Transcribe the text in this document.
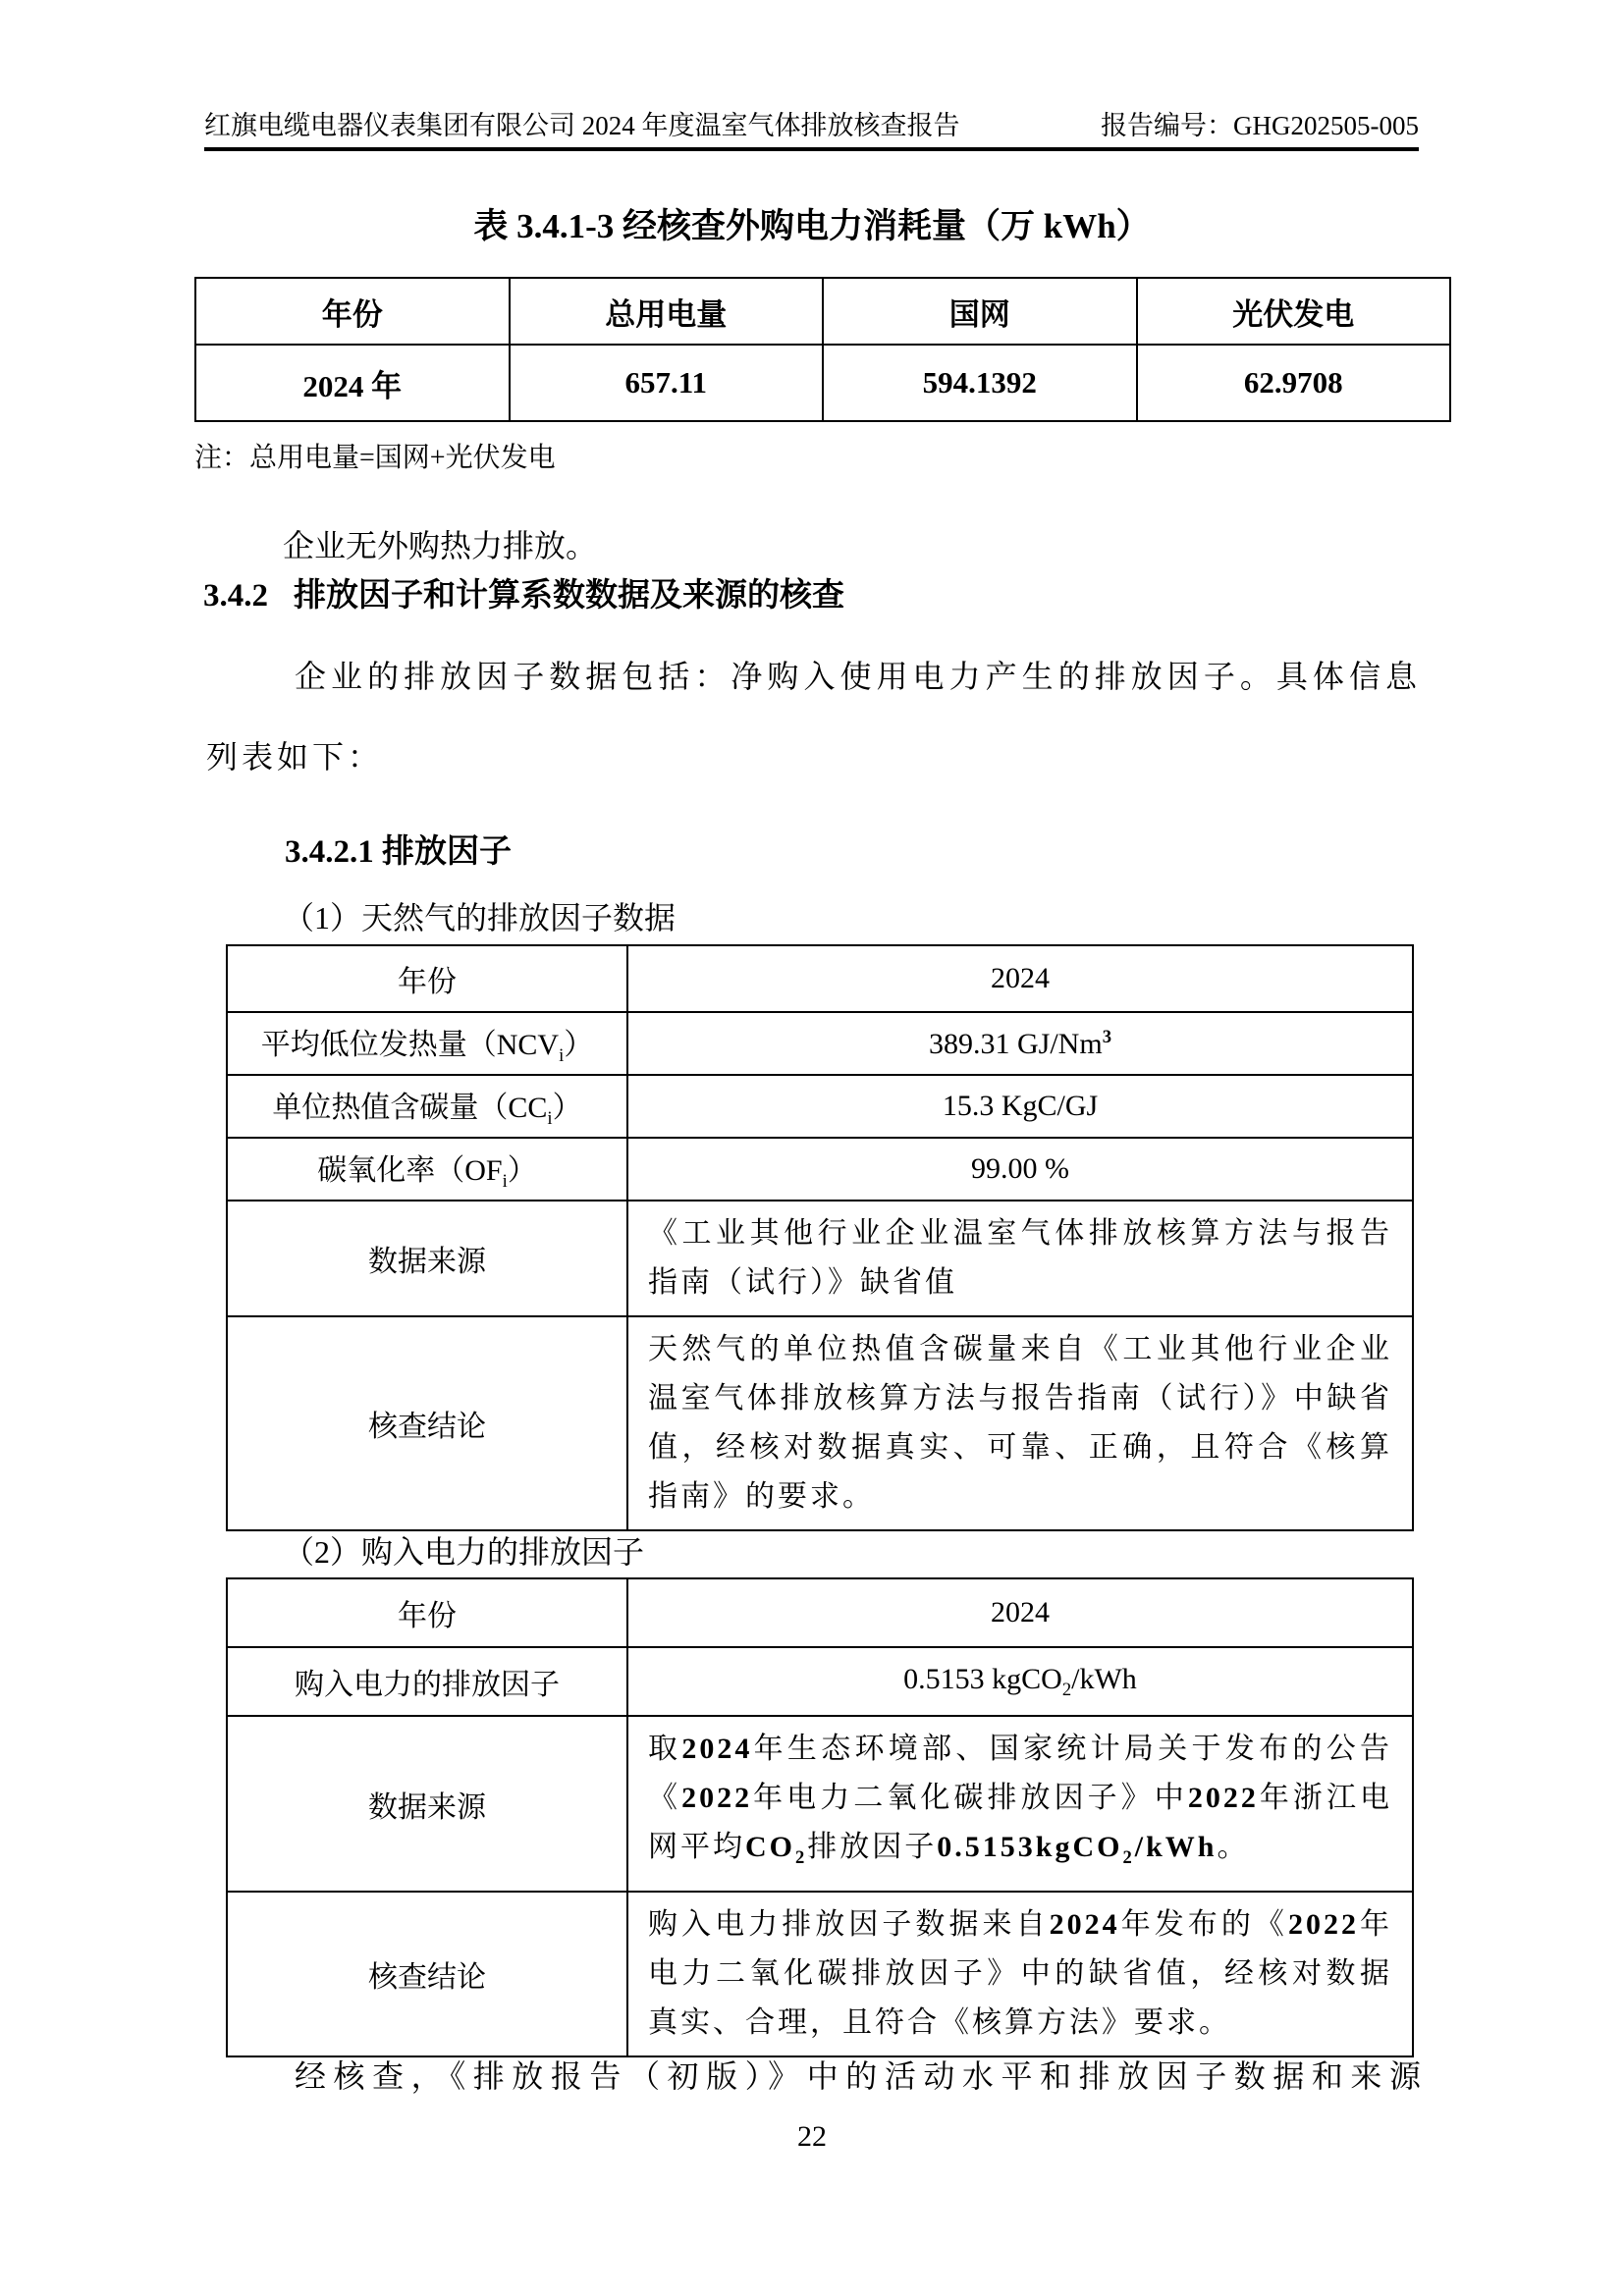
红旗电缆电器仪表集团有限公司 2024 年度温室气体排放核查报告	报告编号：GHG202505-005
表 3.4.1-3 经核查外购电力消耗量（万 kWh）
年份	总用电量	国网	光伏发电
2024 年	657.11	594.1392	62.9708
注：总用电量=国网+光伏发电
企业无外购热力排放。
3.4.2 排放因子和计算系数数据及来源的核查
企业的排放因子数据包括：净购入使用电力产生的排放因子。具体信息列表如下：
3.4.2.1 排放因子
（1）天然气的排放因子数据
年份	2024
平均低位发热量$(NCV_i)$	389.31 GJ/Nm$^3$
单位热值含碳量$(CC_i)$	15.3 KgC/GJ
碳氧化率$(OF_i)$	99.00 %
数据来源	《工业其他行业企业温室气体排放核算方法与报告指南（试行）》缺省值
核查结论	天然气的单位热值含碳量来自《工业其他行业企业温室气体排放核算方法与报告指南（试行）》中缺省值，经核对数据真实、可靠、正确，且符合《核算指南》的要求。
（2）购入电力的排放因子
年份	2024
购入电力的排放因子	0.5153 kgCO$_2$/kWh
数据来源	取2024年生态环境部、国家统计局关于发布的公告《2022年电力二氧化碳排放因子》中2022年浙江电网平均$CO_2$排放因子0.5153kgCO$_2$/kWh。
核查结论	购入电力排放因子数据来自2024年发布的《2022年电力二氧化碳排放因子》中的缺省值，经核对数据真实、合理，且符合《核算方法》要求。
经核查，《排放报告（初版）》中的活动水平和排放因子数据和来源
22
